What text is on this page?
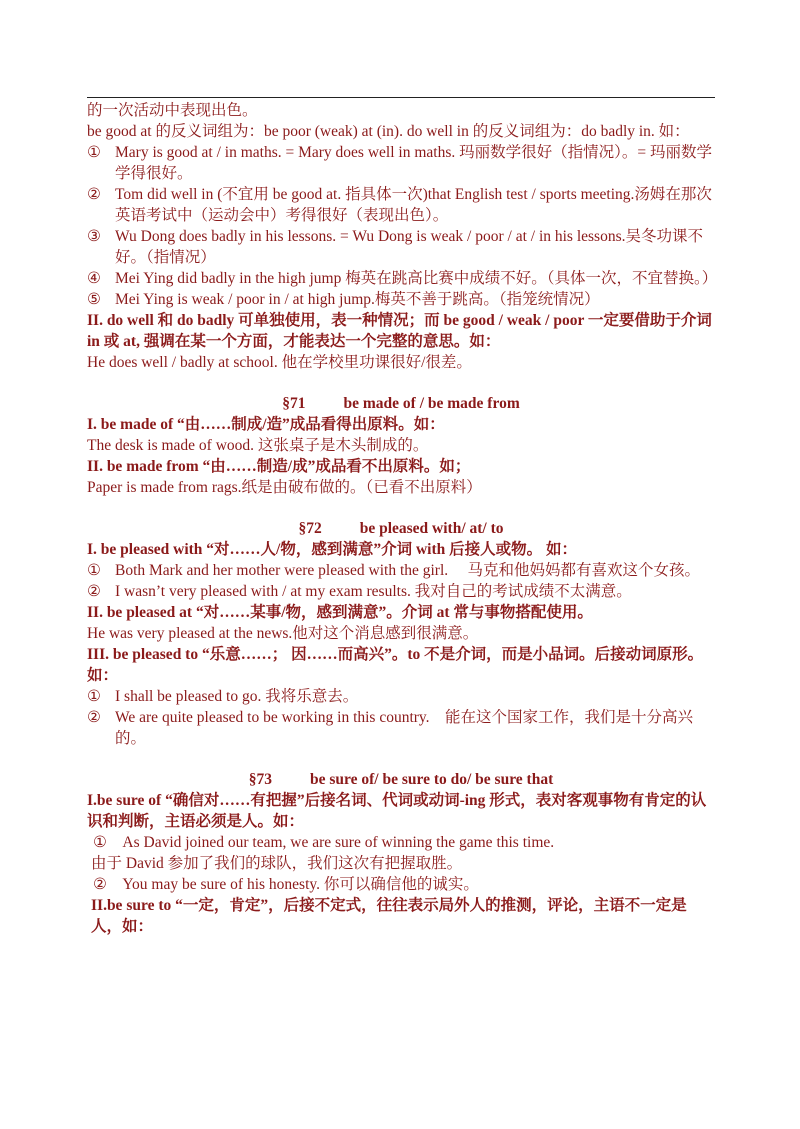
的一次活动中表现出色。

be good at 的反义词组为：be poor (weak) at (in). do well in 的反义词组为：do badly in. 如：

① Mary is good at / in maths. = Mary does well in maths. 玛丽数学很好（指情况）。= 玛丽数学学得很好。
② Tom did well in (不宜用 be good at. 指具体一次)that English test / sports meeting.汤姆在那次英语考试中（运动会中）考得很好（表现出色）。
③ Wu Dong does badly in his lessons. = Wu Dong is weak / poor / at / in his lessons.吴冬功课不好。（指情况）
④ Mei Ying did badly in the high jump 梅英在跳高比赛中成绩不好。（具体一次，不宜替换。）
⑤ Mei Ying is weak / poor in / at high jump.梅英不善于跳高。（指笼统情况）

II. do well 和 do badly 可单独使用，表一种情况；而 be good / weak / poor 一定要借助于介词 in 或 at, 强调在某一个方面，才能表达一个完整的意思。如：

He does well / badly at school. 他在学校里功课很好/很差。

§71 be made of / be made from

I. be made of “由……制成/造”成品看得出原料。如：

The desk is made of wood. 这张桌子是木头制成的。

II. be made from “由……制造/成”成品看不出原料。如；

Paper is made from rags.纸是由破布做的。（已看不出原料）

§72 be pleased with/ at/ to

I. be pleased with “对……人/物，感到满意”介词 with 后接人或物。 如：

① Both Mark and her mother were pleased with the girl.　 马克和他妈妈都有喜欢这个女孩。
② I wasn’t very pleased with / at my exam results. 我对自己的考试成绩不太满意。

II. be pleased at “对……某事/物，感到满意”。介词 at 常与事物搭配使用。

He was very pleased at the news.他对这个消息感到很满意。

III. be pleased to “乐意……； 因……而高兴”。to 不是介词，而是小品词。后接动词原形。如：

① I shall be pleased to go. 我将乐意去。
② We are quite pleased to be working in this country.　能在这个国家工作，我们是十分高兴的。
§73 be sure of/ be sure to do/ be sure that

I.be sure of “确信对……有把握”后接名词、代词或动词-ing 形式，表对客观事物有肯定的认识和判断，主语必须是人。如：

①　As David joined our team, we are sure of winning the game this time.

由于 David 参加了我们的球队，我们这次有把握取胜。

②　You may be sure of his honesty. 你可以确信他的诚实。

II.be sure to “一定，肯定”，后接不定式，往往表示局外人的推测，评论，主语不一定是人，如：
